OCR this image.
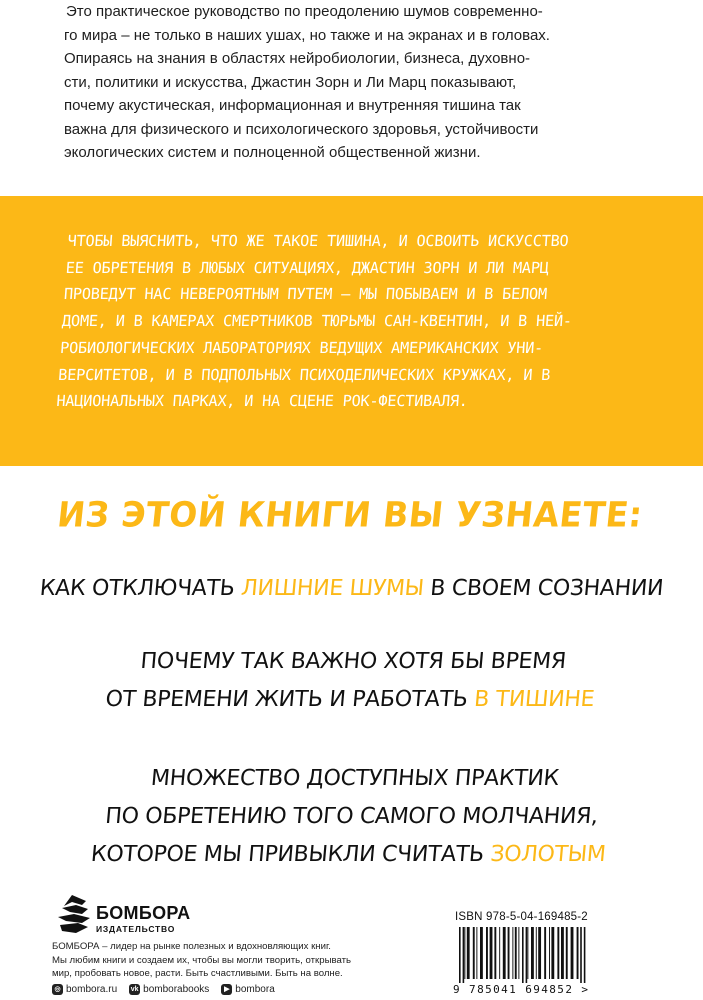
Это практическое руководство по преодолению шумов современно-

го мира – не только в наших ушах, но также и на экранах и в головах.

Опираясь на знания в областях нейробиологии, бизнеса, духовно-

сти, политики и искусства, Джастин Зорн и Ли Марц показывают,

почему акустическая, информационная и внутренняя тишина так

важна для физического и психологического здоровья, устойчивости

экологических систем и полноценной общественной жизни.

ЧТОБЫ ВЫЯСНИТЬ, ЧТО ЖЕ ТАКОЕ ТИШИНА, И ОСВОИТЬ ИСКУССТВО
ЕЕ ОБРЕТЕНИЯ В ЛЮБЫХ СИТУАЦИЯХ, ДЖАСТИН ЗОРН И ЛИ МАРЦ
ПРОВЕДУТ НАС НЕВЕРОЯТНЫМ ПУТЕМ — МЫ ПОБЫВАЕМ И В БЕЛОМ
ДОМЕ, И В КАМЕРАХ СМЕРТНИКОВ ТЮРЬМЫ САН-КВЕНТИН, И В НЕЙ-
РОБИОЛОГИЧЕСКИХ ЛАБОРАТОРИЯХ ВЕДУЩИХ АМЕРИКАНСКИХ УНИ-
ВЕРСИТЕТОВ, И В ПОДПОЛЬНЫХ ПСИХОДЕЛИЧЕСКИХ КРУЖКАХ, И В
НАЦИОНАЛЬНЫХ ПАРКАХ, И НА СЦЕНЕ РОК-ФЕСТИВАЛЯ.
ИЗ ЭТОЙ КНИГИ ВЫ УЗНАЕТЕ:
КАК ОТКЛЮЧАТЬ ЛИШНИЕ ШУМЫ В СВОЕМ СОЗНАНИИ
ПОЧЕМУ ТАК ВАЖНО ХОТЯ БЫ ВРЕМЯ
ОТ ВРЕМЕНИ ЖИТЬ И РАБОТАТЬ В ТИШИНЕ
МНОЖЕСТВО ДОСТУПНЫХ ПРАКТИК
ПО ОБРЕТЕНИЮ ТОГО САМОГО МОЛЧАНИЯ,
КОТОРОЕ МЫ ПРИВЫКЛИ СЧИТАТЬ ЗОЛОТЫМ
БОМБОРА
ИЗДАТЕЛЬСТВО
БОМБОРА – лидер на рынке полезных и вдохновляющих книг.
Мы любим книги и создаем их, чтобы вы могли творить, открывать
мир, пробовать новое, расти. Быть счастливыми. Быть на волне.
◎ bombora.ru vk bomborabooks	▶ bombora
ISBN 978-5-04-169485-2
9 785041 694852 >
